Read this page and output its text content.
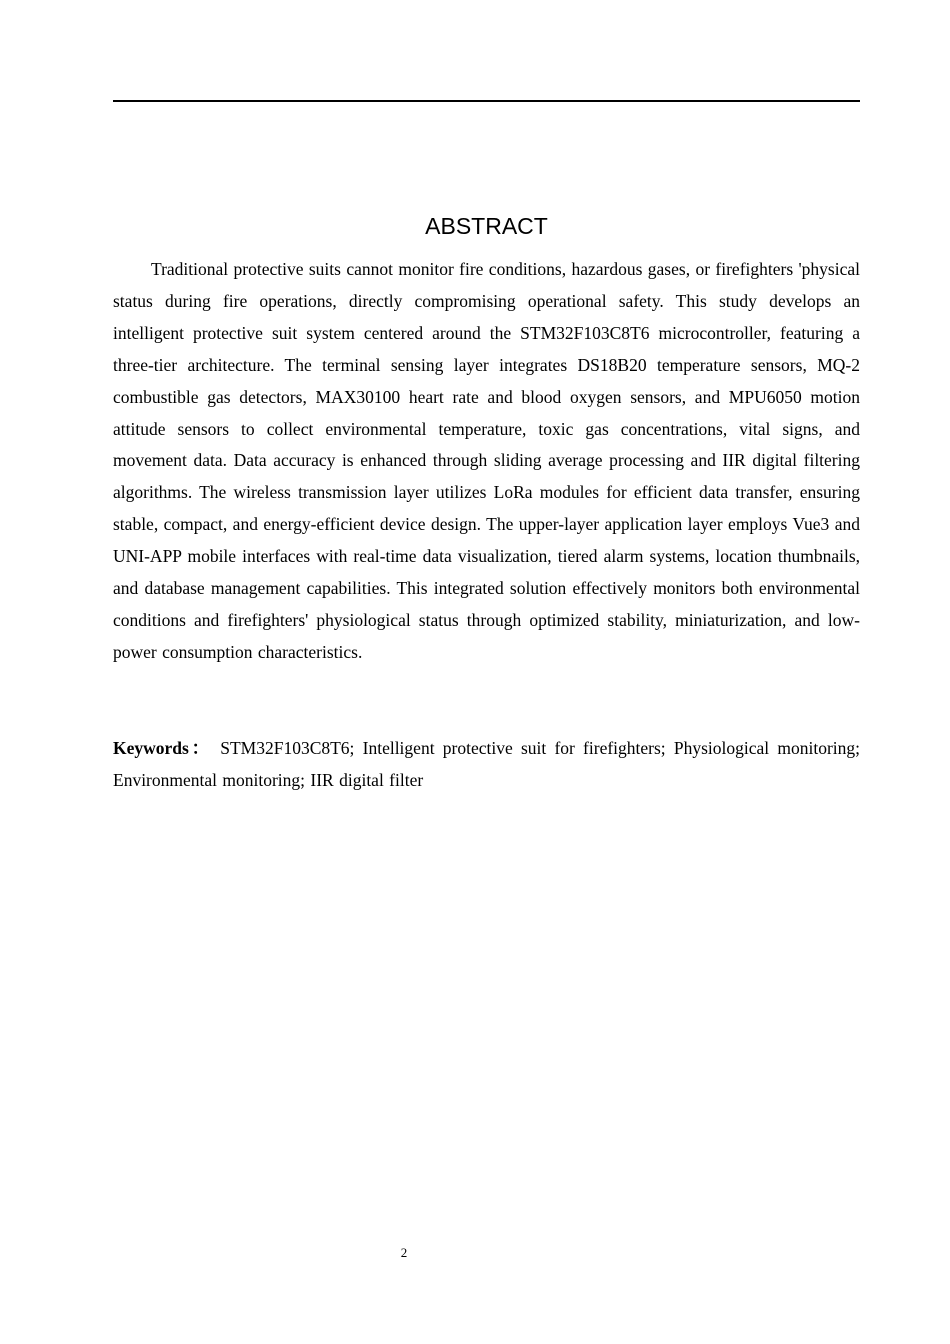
ABSTRACT

Traditional protective suits cannot monitor fire conditions, hazardous gases, or firefighters 'physical status during fire operations, directly compromising operational safety. This study develops an intelligent protective suit system centered around the STM32F103C8T6 microcontroller, featuring a three-tier architecture. The terminal sensing layer integrates DS18B20 temperature sensors, MQ-2 combustible gas detectors, MAX30100 heart rate and blood oxygen sensors, and MPU6050 motion attitude sensors to collect environmental temperature, toxic gas concentrations, vital signs, and movement data. Data accuracy is enhanced through sliding average processing and IIR digital filtering algorithms. The wireless transmission layer utilizes LoRa modules for efficient data transfer, ensuring stable, compact, and energy-efficient device design. The upper-layer application layer employs Vue3 and UNI-APP mobile interfaces with real-time data visualization, tiered alarm systems, location thumbnails, and database management capabilities. This integrated solution effectively monitors both environmental conditions and firefighters' physiological status through optimized stability, miniaturization, and low-power consumption characteristics.

Keywords： STM32F103C8T6; Intelligent protective suit for firefighters; Physiological monitoring; Environmental monitoring; IIR digital filter

2
